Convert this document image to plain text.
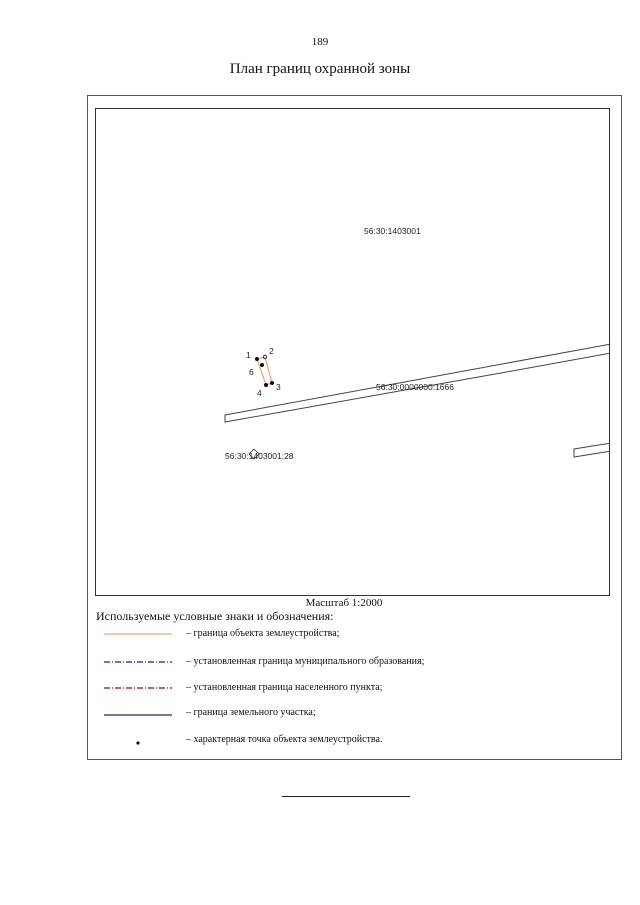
189
План границ охранной зоны
1 2
6
3
4
56:30:1403001
56:30:0000000:1666
56:30:1403001:28
Масштаб 1:2000
Используемые условные знаки и обозначения:
– граница объекта землеустройства;
– установленная граница муниципального образования;
– установленная граница населенного пункта;
– граница земельного участка;
– характерная точка объекта землеустройства.
